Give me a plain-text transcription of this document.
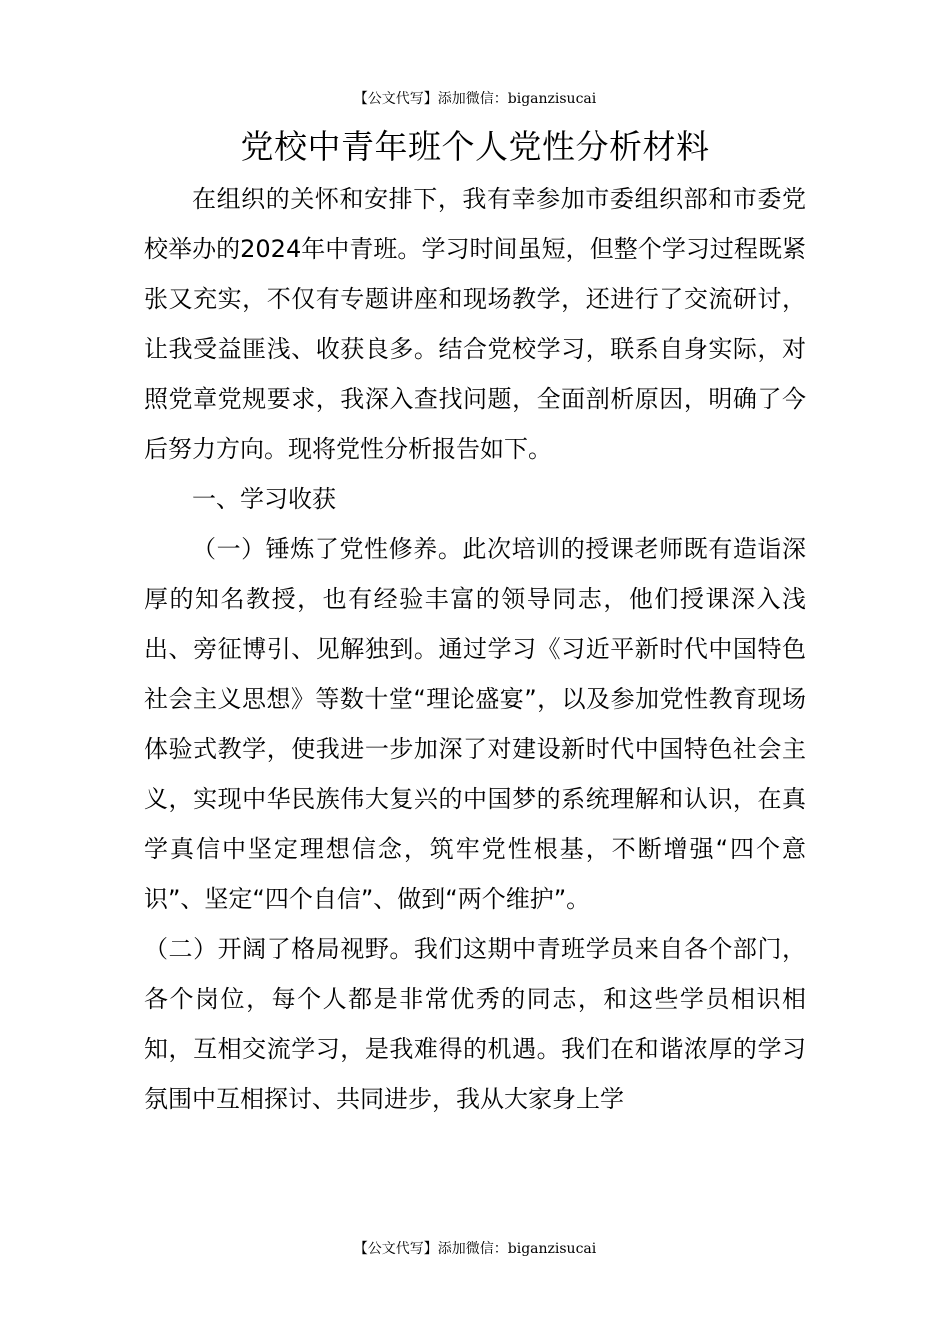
【公文代写】添加微信：biganzisucai
党校中青年班个人党性分析材料

在组织的关怀和安排下，我有幸参加市委组织部和市委党校举办的2024年中青班。学习时间虽短，但整个学习过程既紧张又充实，不仅有专题讲座和现场教学，还进行了交流研讨，让我受益匪浅、收获良多。结合党校学习，联系自身实际，对照党章党规要求，我深入查找问题，全面剖析原因，明确了今后努力方向。现将党性分析报告如下。

一、学习收获

（一）锤炼了党性修养。此次培训的授课老师既有造诣深厚的知名教授，也有经验丰富的领导同志，他们授课深入浅出、旁征博引、见解独到。通过学习《习近平新时代中国特色社会主义思想》等数十堂“理论盛宴”，以及参加党性教育现场体验式教学，使我进一步加深了对建设新时代中国特色社会主义，实现中华民族伟大复兴的中国梦的系统理解和认识，在真学真信中坚定理想信念，筑牢党性根基，不断增强“四个意识”、坚定“四个自信”、做到“两个维护”。

（二）开阔了格局视野。我们这期中青班学员来自各个部门，各个岗位，每个人都是非常优秀的同志，和这些学员相识相知，互相交流学习，是我难得的机遇。我们在和谐浓厚的学习氛围中互相探讨、共同进步，我从大家身上学

【公文代写】添加微信：biganzisucai
